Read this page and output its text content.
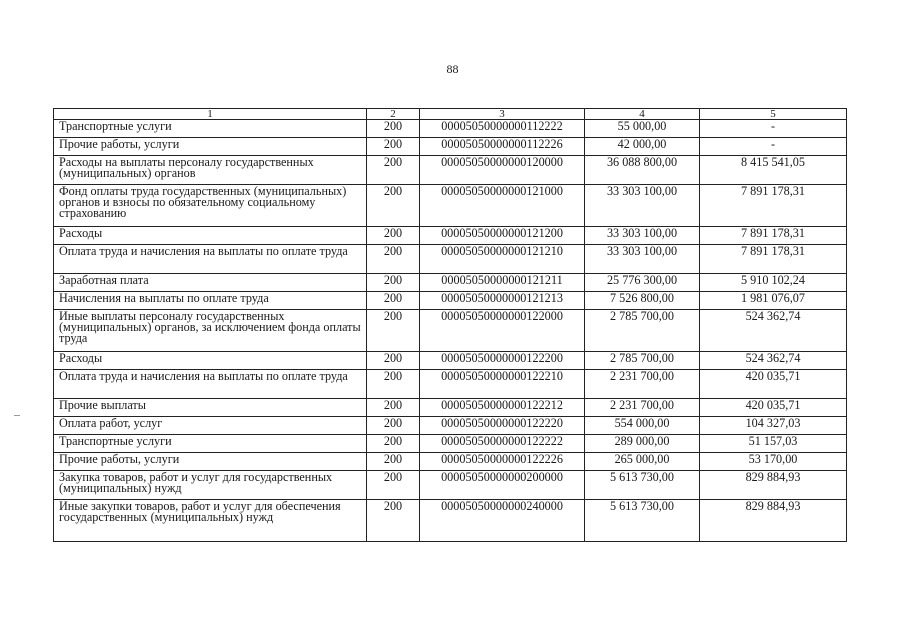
88
1	2	3	4	5
Транспортные услуги	200	00005050000000112222	55 000,00	-
Прочие работы, услуги	200	00005050000000112226	42 000,00	-
Расходы на выплаты персоналу государственных (муниципальных) органов	200	00005050000000120000	36 088 800,00	8 415 541,05
Фонд оплаты труда государственных (муниципальных) органов и взносы по обязательному социальному страхованию	200	00005050000000121000	33 303 100,00	7 891 178,31
Расходы	200	00005050000000121200	33 303 100,00	7 891 178,31
Оплата труда и начисления на выплаты по оплате труда	200	00005050000000121210	33 303 100,00	7 891 178,31
Заработная плата	200	00005050000000121211	25 776 300,00	5 910 102,24
Начисления на выплаты по оплате труда	200	00005050000000121213	7 526 800,00	1 981 076,07
Иные выплаты персоналу государственных (муниципальных) органов, за исключением фонда оплаты труда	200	00005050000000122000	2 785 700,00	524 362,74
Расходы	200	00005050000000122200	2 785 700,00	524 362,74
Оплата труда и начисления на выплаты по оплате труда	200	00005050000000122210	2 231 700,00	420 035,71
Прочие выплаты	200	00005050000000122212	2 231 700,00	420 035,71
Оплата работ, услуг	200	00005050000000122220	554 000,00	104 327,03
Транспортные услуги	200	00005050000000122222	289 000,00	51 157,03
Прочие работы, услуги	200	00005050000000122226	265 000,00	53 170,00
Закупка товаров, работ и услуг для государственных (муниципальных) нужд	200	00005050000000200000	5 613 730,00	829 884,93
Иные закупки товаров, работ и услуг для обеспечения государственных (муниципальных) нужд	200	00005050000000240000	5 613 730,00	829 884,93
